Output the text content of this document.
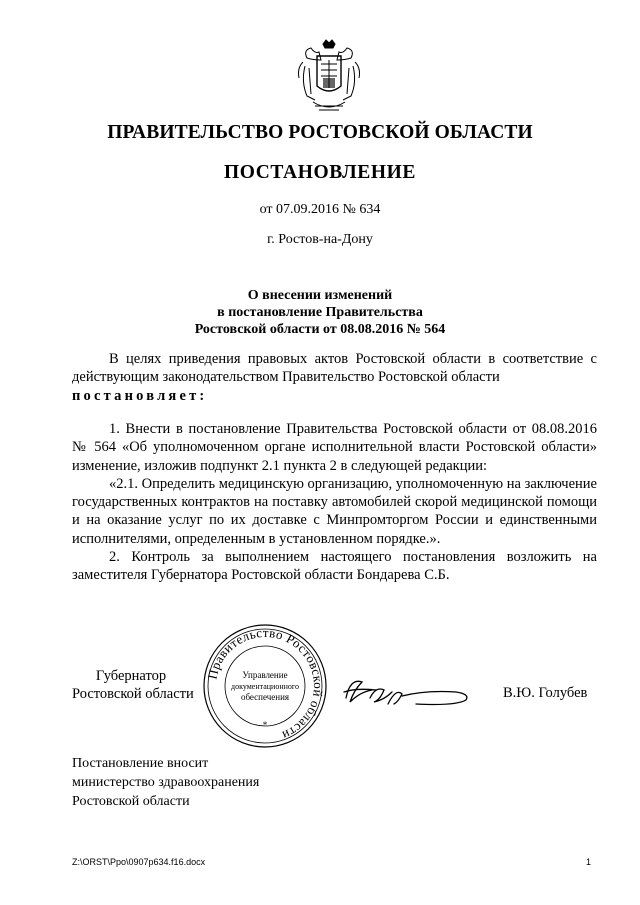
ПРАВИТЕЛЬСТВО РОСТОВСКОЙ ОБЛАСТИ
ПОСТАНОВЛЕНИЕ
от 07.09.2016 № 634
г. Ростов-на-Дону
О внесении изменений
в постановление Правительства
Ростовской области от 08.08.2016 № 564

В целях приведения правовых актов Ростовской области в соответствие с действующим законодательством Правительство Ростовской области

постановляет:

1. Внести в постановление Правительства Ростовской области от 08.08.2016 № 564 «Об уполномоченном органе исполнительной власти Ростовской области» изменение, изложив подпункт 2.1 пункта 2 в следующей редакции:

«2.1. Определить медицинскую организацию, уполномоченную на заключение государственных контрактов на поставку автомобилей скорой медицинской помощи и на оказание услуг по их доставке с Минпромторгом России и единственными исполнителями, определенным в установленном порядке.».

2. Контроль за выполнением настоящего постановления возложить на заместителя Губернатора Ростовской области Бондарева С.Б.

Губернатор
Ростовской области
Правительство Ростовской области
*
Управление
документационного
обеспечения	В.Ю. Голубев
Постановление вносит
министерство здравоохранения
Ростовской области
Z:\ORST\Ppo\0907p634.f16.docx	1
